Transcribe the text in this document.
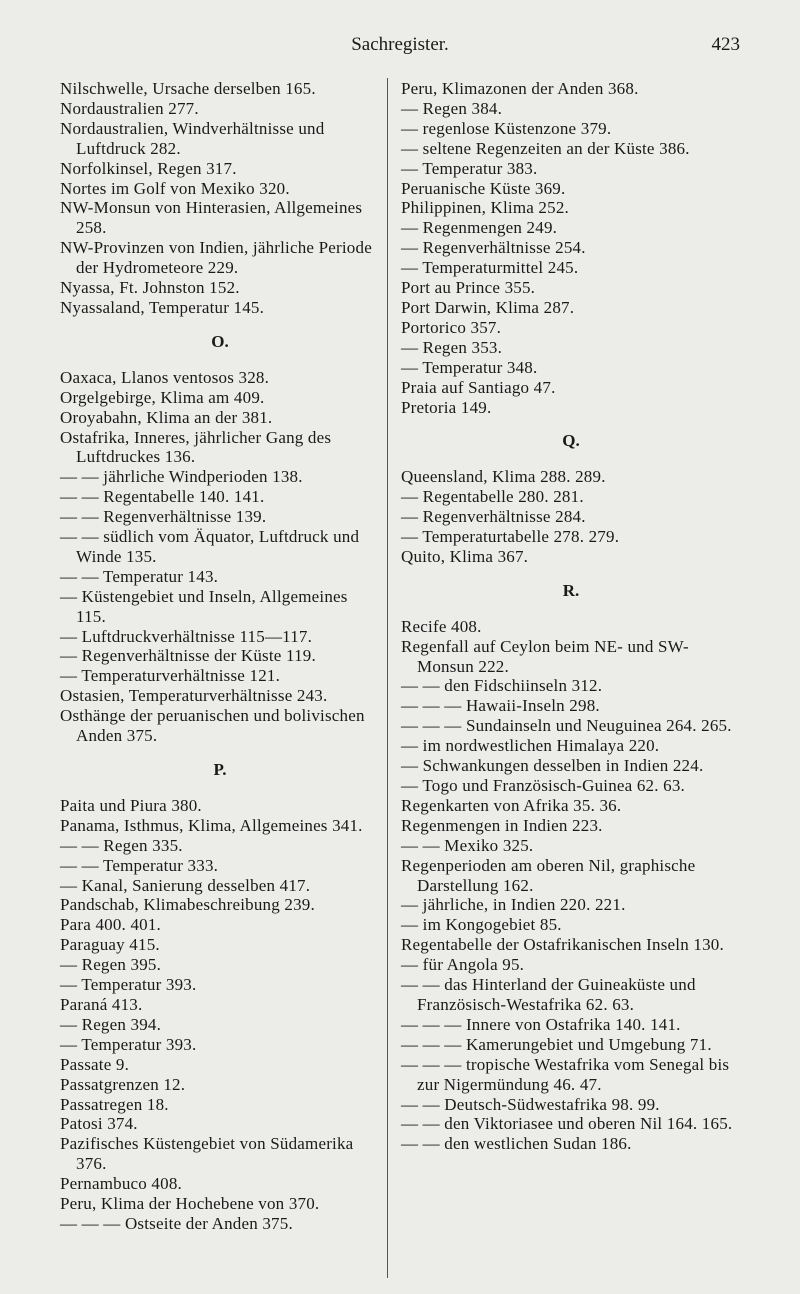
Sachregister.	423
Nilschwelle, Ursache derselben 165.
Nordaustralien 277.
Nordaustralien, Windverhältnisse und Luftdruck 282.
Norfolkinsel, Regen 317.
Nortes im Golf von Mexiko 320.
NW-Monsun von Hinterasien, Allgemeines 258.
NW-Provinzen von Indien, jährliche Periode der Hydrometeore 229.
Nyassa, Ft. Johnston 152.
Nyassaland, Temperatur 145.
O.
Oaxaca, Llanos ventosos 328.
Orgelgebirge, Klima am 409.
Oroyabahn, Klima an der 381.
Ostafrika, Inneres, jährlicher Gang des Luftdruckes 136.
— — jährliche Windperioden 138.
— — Regentabelle 140. 141.
— — Regenverhältnisse 139.
— — südlich vom Äquator, Luftdruck und Winde 135.
— — Temperatur 143.
— Küstengebiet und Inseln, Allgemeines 115.
— Luftdruckverhältnisse 115—117.
— Regenverhältnisse der Küste 119.
— Temperaturverhältnisse 121.
Ostasien, Temperaturverhältnisse 243.
Osthänge der peruanischen und bolivischen Anden 375.
P.
Paita und Piura 380.
Panama, Isthmus, Klima, Allgemeines 341.
— — Regen 335.
— — Temperatur 333.
— Kanal, Sanierung desselben 417.
Pandschab, Klimabeschreibung 239.
Para 400. 401.
Paraguay 415.
— Regen 395.
— Temperatur 393.
Paraná 413.
— Regen 394.
— Temperatur 393.
Passate 9.
Passatgrenzen 12.
Passatregen 18.
Patosi 374.
Pazifisches Küstengebiet von Südamerika 376.
Pernambuco 408.
Peru, Klima der Hochebene von 370.
— — — Ostseite der Anden 375.
Peru, Klimazonen der Anden 368.
— Regen 384.
— regenlose Küstenzone 379.
— seltene Regenzeiten an der Küste 386.
— Temperatur 383.
Peruanische Küste 369.
Philippinen, Klima 252.
— Regenmengen 249.
— Regenverhältnisse 254.
— Temperaturmittel 245.
Port au Prince 355.
Port Darwin, Klima 287.
Portorico 357.
— Regen 353.
— Temperatur 348.
Praia auf Santiago 47.
Pretoria 149.
Q.
Queensland, Klima 288. 289.
— Regentabelle 280. 281.
— Regenverhältnisse 284.
— Temperaturtabelle 278. 279.
Quito, Klima 367.
R.
Recife 408.
Regenfall auf Ceylon beim NE- und SW-Monsun 222.
— — den Fidschiinseln 312.
— — — Hawaii-Inseln 298.
— — — Sundainseln und Neuguinea 264. 265.
— im nordwestlichen Himalaya 220.
— Schwankungen desselben in Indien 224.
— Togo und Französisch-Guinea 62. 63.
Regenkarten von Afrika 35. 36.
Regenmengen in Indien 223.
— — Mexiko 325.
Regenperioden am oberen Nil, graphische Darstellung 162.
— jährliche, in Indien 220. 221.
— im Kongogebiet 85.
Regentabelle der Ostafrikanischen Inseln 130.
— für Angola 95.
— — das Hinterland der Guineaküste und Französisch-Westafrika 62. 63.
— — — Innere von Ostafrika 140. 141.
— — — Kamerungebiet und Umgebung 71.
— — — tropische Westafrika vom Senegal bis zur Nigermündung 46. 47.
— — Deutsch-Südwestafrika 98. 99.
— — den Viktoriasee und oberen Nil 164. 165.
— — den westlichen Sudan 186.
